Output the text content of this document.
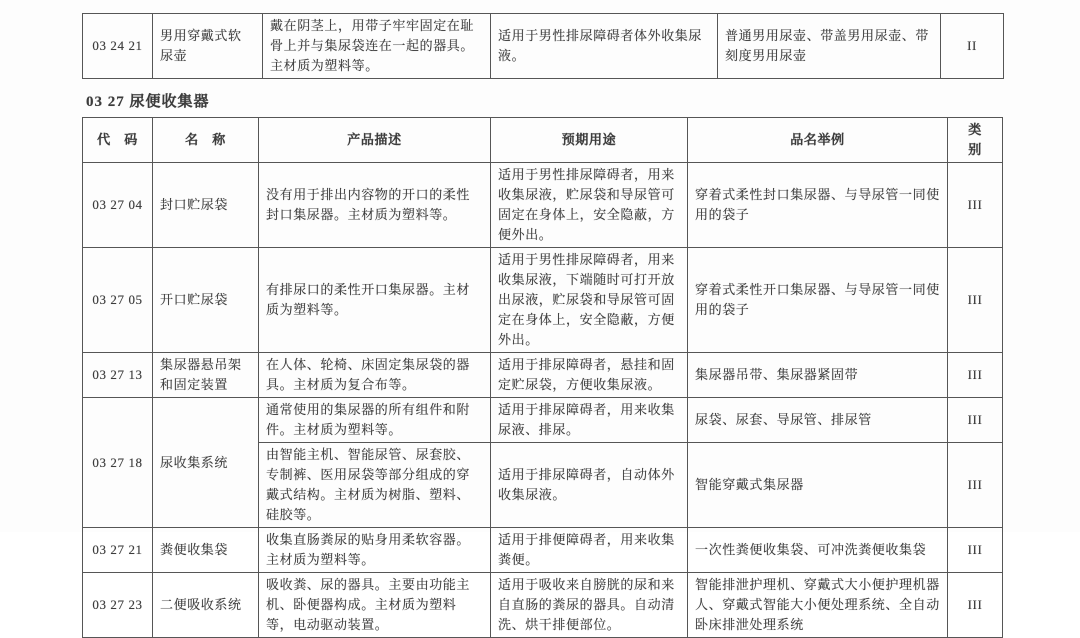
03 24 21	男用穿戴式软尿壶	戴在阴茎上，用带子牢牢固定在耻骨上并与集尿袋连在一起的器具。主材质为塑料等。	适用于男性排尿障碍者体外收集尿液。	普通男用尿壶、带盖男用尿壶、带刻度男用尿壶	II
03 27 尿便收集器
代　码	名　称	产品描述	预期用途	品名举例	类　别
03 27 04	封口贮尿袋	没有用于排出内容物的开口的柔性封口集尿器。主材质为塑料等。	适用于男性排尿障碍者，用来收集尿液，贮尿袋和导尿管可固定在身体上，安全隐蔽，方便外出。	穿着式柔性封口集尿器、与导尿管一同使用的袋子	III
03 27 05	开口贮尿袋	有排尿口的柔性开口集尿器。主材质为塑料等。	适用于男性排尿障碍者，用来收集尿液，下端随时可打开放出尿液，贮尿袋和导尿管可固定在身体上，安全隐蔽，方便外出。	穿着式柔性开口集尿器、与导尿管一同使用的袋子	III
03 27 13	集尿器悬吊架和固定装置	在人体、轮椅、床固定集尿袋的器具。主材质为复合布等。	适用于排尿障碍者，悬挂和固定贮尿袋，方便收集尿液。	集尿器吊带、集尿器紧固带	III
03 27 18	尿收集系统	通常使用的集尿器的所有组件和附件。主材质为塑料等。	适用于排尿障碍者，用来收集尿液、排尿。	尿袋、尿套、导尿管、排尿管	III
		由智能主机、智能尿管、尿套胶、专制裤、医用尿袋等部分组成的穿戴式结构。主材质为树脂、塑料、硅胶等。	适用于排尿障碍者，自动体外收集尿液。	智能穿戴式集尿器	III
03 27 21	粪便收集袋	收集直肠粪尿的贴身用柔软容器。主材质为塑料等。	适用于排便障碍者，用来收集粪便。	一次性粪便收集袋、可冲洗粪便收集袋	III
03 27 23	二便吸收系统	吸收粪、尿的器具。主要由功能主机、卧便器构成。主材质为塑料等，电动驱动装置。	适用于吸收来自膀胱的尿和来自直肠的粪尿的器具。自动清洗、烘干排便部位。	智能排泄护理机、穿戴式大小便护理机器人、穿戴式智能大小便处理系统、全自动卧床排泄处理系统	III
